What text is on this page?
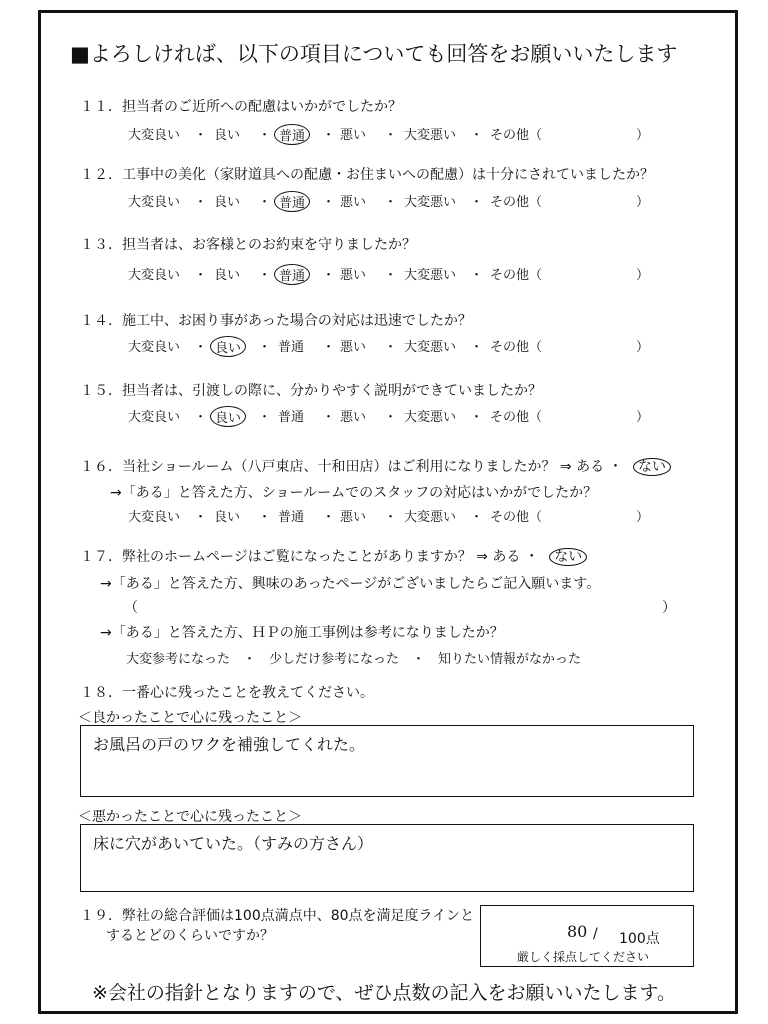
■よろしければ、以下の項目についても回答をお願いいたします
１１．担当者のご近所への配慮はいかがでしたか？
大変良い	良い	普通	悪い	大変悪い	その他（	）
・	・	・	・	・
１２．工事中の美化（家財道具への配慮・お住まいへの配慮）は十分にされていましたか？
大変良い	良い	普通	悪い	大変悪い	その他（	）
・	・	・	・	・
１３．担当者は、お客様とのお約束を守りましたか？
大変良い	良い	普通	悪い	大変悪い	その他（	）
・	・	・	・	・
１４．施工中、お困り事があった場合の対応は迅速でしたか？
大変良い	良い	普通	悪い	大変悪い	その他（	）
・	・	・	・	・
１５．担当者は、引渡しの際に、分かりやすく説明ができていましたか？
大変良い	良い	普通	悪い	大変悪い	その他（	）
・	・	・	・	・
１６．当社ショールーム（八戸東店、十和田店）はご利用になりましたか？ ⇒ ある ・ ない
→「ある」と答えた方、ショールームでのスタッフの対応はいかがでしたか？
大変良い	良い	普通	悪い	大変悪い	その他（	）
・	・	・	・	・
１７．弊社のホームページはご覧になったことがありますか？ ⇒ ある ・ ない
→「ある」と答えた方、興味のあったページがございましたらご記入願います。
（	）
→「ある」と答えた方、ＨＰの施工事例は参考になりましたか？
大変参考になった　・　少しだけ参考になった　・　知りたい情報がなかった
１８．一番心に残ったことを教えてください。
＜良かったことで心に残ったこと＞
お風呂の戸のワクを補強してくれた。
＜悪かったことで心に残ったこと＞
床に穴があいていた。（すみの方さん）
１９．弊社の総合評価は100点満点中、80点を満足度ラインと
するとどのくらいですか？	80 / 100点
厳しく採点してください
※会社の指針となりますので、ぜひ点数の記入をお願いいたします。
